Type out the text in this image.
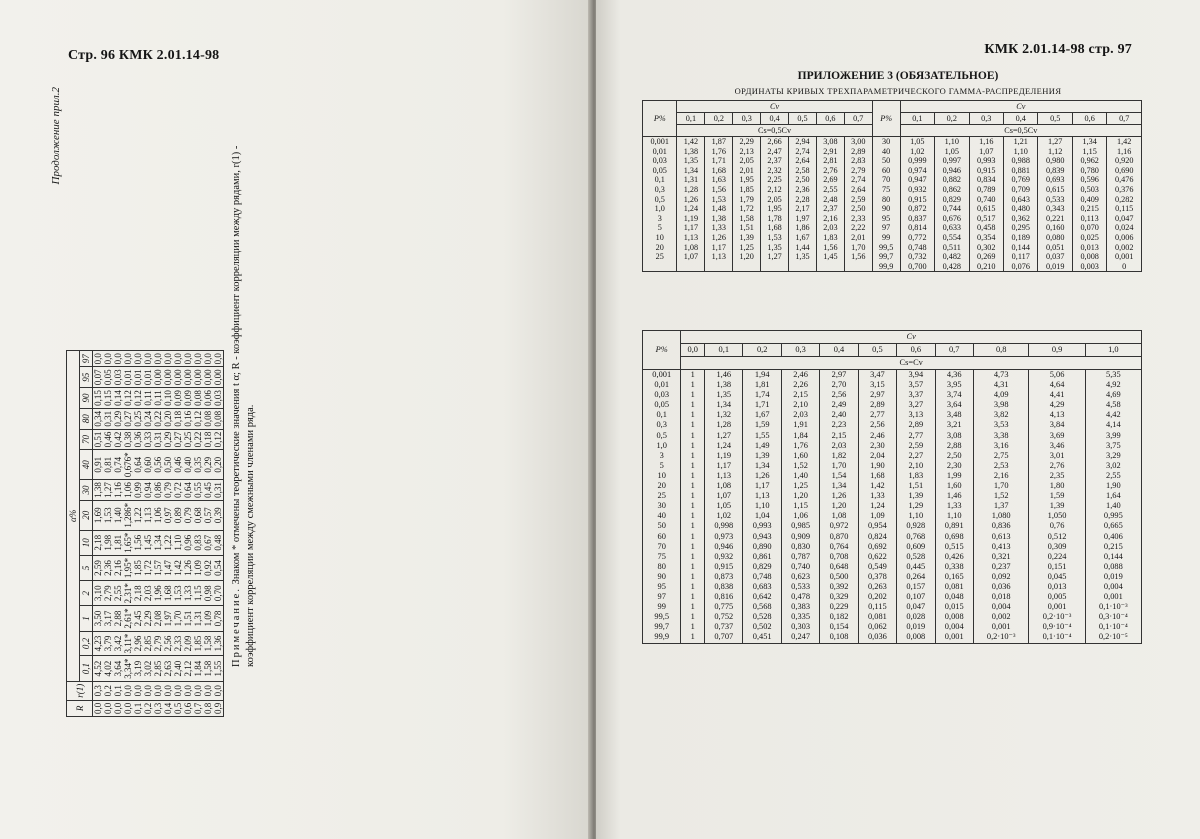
Стр. 96 КМК 2.01.14-98
Продолжение прил.2
R	r(1)	α%													
		0,1	0,2	1	2	5	10	20	30	40	70	80	90	95	97
0,0	0,3	4,52	4,23	3,50	3,10	2,59	2,18	1,69	1,38	0,91	0,51	0,34	0,15	0,07	0,0
0,0	0,2	4,02	3,79	3,17	2,79	2,36	1,98	1,53	1,27	0,81	0,46	0,31	0,15	0,05	0,0
0,0	0,1	3,64	3,42	2,88	2,55	2,16	1,81	1,40	1,16	0,74	0,42	0,29	0,14	0,03	0,0
0,0	0,0	3,34*	3,11*	2,61*	2,31*	1,95*	1,65*	1,286*	1,06	0,676*	0,38	0,27	0,12	0,01	0,0
0,1	0,0	3,19	2,96	2,45	2,18	1,85	1,56	1,22	0,99	0,64	0,36	0,25	0,12	0,01	0,0
0,2	0,0	3,02	2,85	2,29	2,03	1,72	1,45	1,13	0,94	0,60	0,33	0,24	0,11	0,01	0,0
0,3	0,0	2,85	2,79	2,08	1,96	1,57	1,34	1,06	0,86	0,56	0,31	0,22	0,11	0,00	0,0
0,4	0,0	2,63	2,56	1,97	1,68	1,47	1,22	0,97	0,79	0,50	0,29	0,20	0,10	0,00	0,0
0,5	0,0	2,40	2,33	1,70	1,53	1,42	1,10	0,89	0,72	0,46	0,27	0,18	0,09	0,00	0,0
0,6	0,0	2,12	2,09	1,51	1,33	1,26	0,96	0,79	0,64	0,40	0,25	0,16	0,09	0,00	0,0
0,7	0,0	1,84	1,85	1,31	1,15	1,09	0,83	0,68	0,55	0,35	0,22	0,12	0,08	0,00	0,0
0,8	0,0	1,58	1,58	1,09	0,98	0,92	0,67	0,57	0,45	0,29	0,18	0,08	0,06	0,00	0,0
0,9	0,0	1,55	1,36	0,78	0,70	0,54	0,48	0,39	0,31	0,20	0,12	0,08	0,03	0,00	0,0
Примечание. Знаком * отмечены теоретические значения t α; R - коэффициент корреляции между рядами, r(1) - коэффициент корреляции между смежными членами ряда.
КМК 2.01.14-98 стр. 97
ПРИЛОЖЕНИЕ 3 (ОБЯЗАТЕЛЬНОЕ)
ОРДИНАТЫ КРИВЫХ ТРЕХПАРАМЕТРИЧЕСКОГО ГАММА-РАСПРЕДЕЛЕНИЯ
P%	Cv							P%	Cv						
	0,1	0,2	0,3	0,4	0,5	0,6	0,7		0,1	0,2	0,3	0,4	0,5	0,6	0,7
	Cs=0,5Cv								Cs=0,5Cv						
0,001	1,42	1,87	2,29	2,66	2,94	3,08	3,00	30	1,05	1,10	1,16	1,21	1,27	1,34	1,42
0,01	1,38	1,76	2,13	2,47	2,74	2,91	2,89	40	1,02	1,05	1,07	1,10	1,12	1,15	1,16
0,03	1,35	1,71	2,05	2,37	2,64	2,81	2,83	50	0,999	0,997	0,993	0,988	0,980	0,962	0,920
0,05	1,34	1,68	2,01	2,32	2,58	2,76	2,79	60	0,974	0,946	0,915	0,881	0,839	0,780	0,690
0,1	1,31	1,63	1,95	2,25	2,50	2,69	2,74	70	0,947	0,882	0,834	0,769	0,693	0,596	0,476
0,3	1,28	1,56	1,85	2,12	2,36	2,55	2,64	75	0,932	0,862	0,789	0,709	0,615	0,503	0,376
0,5	1,26	1,53	1,79	2,05	2,28	2,48	2,59	80	0,915	0,829	0,740	0,643	0,533	0,409	0,282
1,0	1,24	1,48	1,72	1,95	2,17	2,37	2,50	90	0,872	0,744	0,615	0,480	0,343	0,215	0,115
3	1,19	1,38	1,58	1,78	1,97	2,16	2,33	95	0,837	0,676	0,517	0,362	0,221	0,113	0,047
5	1,17	1,33	1,51	1,68	1,86	2,03	2,22	97	0,814	0,633	0,458	0,295	0,160	0,070	0,024
10	1,13	1,26	1,39	1,53	1,67	1,83	2,01	99	0,772	0,554	0,354	0,189	0,080	0,025	0,006
20	1,08	1,17	1,25	1,35	1,44	1,56	1,70	99,5	0,748	0,511	0,302	0,144	0,051	0,013	0,002
25	1,07	1,13	1,20	1,27	1,35	1,45	1,56	99,7	0,732	0,482	0,269	0,117	0,037	0,008	0,001
								99,9	0,700	0,428	0,210	0,076	0,019	0,003	0
P%	Cv										
	0,0	0,1	0,2	0,3	0,4	0,5	0,6	0,7	0,8	0,9	1,0
	Cs=Cv										
0,001	1	1,46	1,94	2,46	2,97	3,47	3,94	4,36	4,73	5,06	5,35
0,01	1	1,38	1,81	2,26	2,70	3,15	3,57	3,95	4,31	4,64	4,92
0,03	1	1,35	1,74	2,15	2,56	2,97	3,37	3,74	4,09	4,41	4,69
0,05	1	1,34	1,71	2,10	2,49	2,89	3,27	3,64	3,98	4,29	4,58
0,1	1	1,32	1,67	2,03	2,40	2,77	3,13	3,48	3,82	4,13	4,42
0,3	1	1,28	1,59	1,91	2,23	2,56	2,89	3,21	3,53	3,84	4,14
0,5	1	1,27	1,55	1,84	2,15	2,46	2,77	3,08	3,38	3,69	3,99
1,0	1	1,24	1,49	1,76	2,03	2,30	2,59	2,88	3,16	3,46	3,75
3	1	1,19	1,39	1,60	1,82	2,04	2,27	2,50	2,75	3,01	3,29
5	1	1,17	1,34	1,52	1,70	1,90	2,10	2,30	2,53	2,76	3,02
10	1	1,13	1,26	1,40	1,54	1,68	1,83	1,99	2,16	2,35	2,55
20	1	1,08	1,17	1,25	1,34	1,42	1,51	1,60	1,70	1,80	1,90
25	1	1,07	1,13	1,20	1,26	1,33	1,39	1,46	1,52	1,59	1,64
30	1	1,05	1,10	1,15	1,20	1,24	1,29	1,33	1,37	1,39	1,40
40	1	1,02	1,04	1,06	1,08	1,09	1,10	1,10	1,080	1,050	0,995
50	1	0,998	0,993	0,985	0,972	0,954	0,928	0,891	0,836	0,76	0,665
60	1	0,973	0,943	0,909	0,870	0,824	0,768	0,698	0,613	0,512	0,406
70	1	0,946	0,890	0,830	0,764	0,692	0,609	0,515	0,413	0,309	0,215
75	1	0,932	0,861	0,787	0,708	0,622	0,528	0,426	0,321	0,224	0,144
80	1	0,915	0,829	0,740	0,648	0,549	0,445	0,338	0,237	0,151	0,088
90	1	0,873	0,748	0,623	0,500	0,378	0,264	0,165	0,092	0,045	0,019
95	1	0,838	0,683	0,533	0,392	0,263	0,157	0,081	0,036	0,013	0,004
97	1	0,816	0,642	0,478	0,329	0,202	0,107	0,048	0,018	0,005	0,001
99	1	0,775	0,568	0,383	0,229	0,115	0,047	0,015	0,004	0,001	0,1·10⁻³
99,5	1	0,752	0,528	0,335	0,182	0,081	0,028	0,008	0,002	0,2·10⁻³	0,3·10⁻⁴
99,7	1	0,737	0,502	0,303	0,154	0,062	0,019	0,004	0,001	0,9·10⁻⁴	0,1·10⁻⁴
99,9	1	0,707	0,451	0,247	0,108	0,036	0,008	0,001	0,2·10⁻³	0,1·10⁻⁴	0,2·10⁻⁵
